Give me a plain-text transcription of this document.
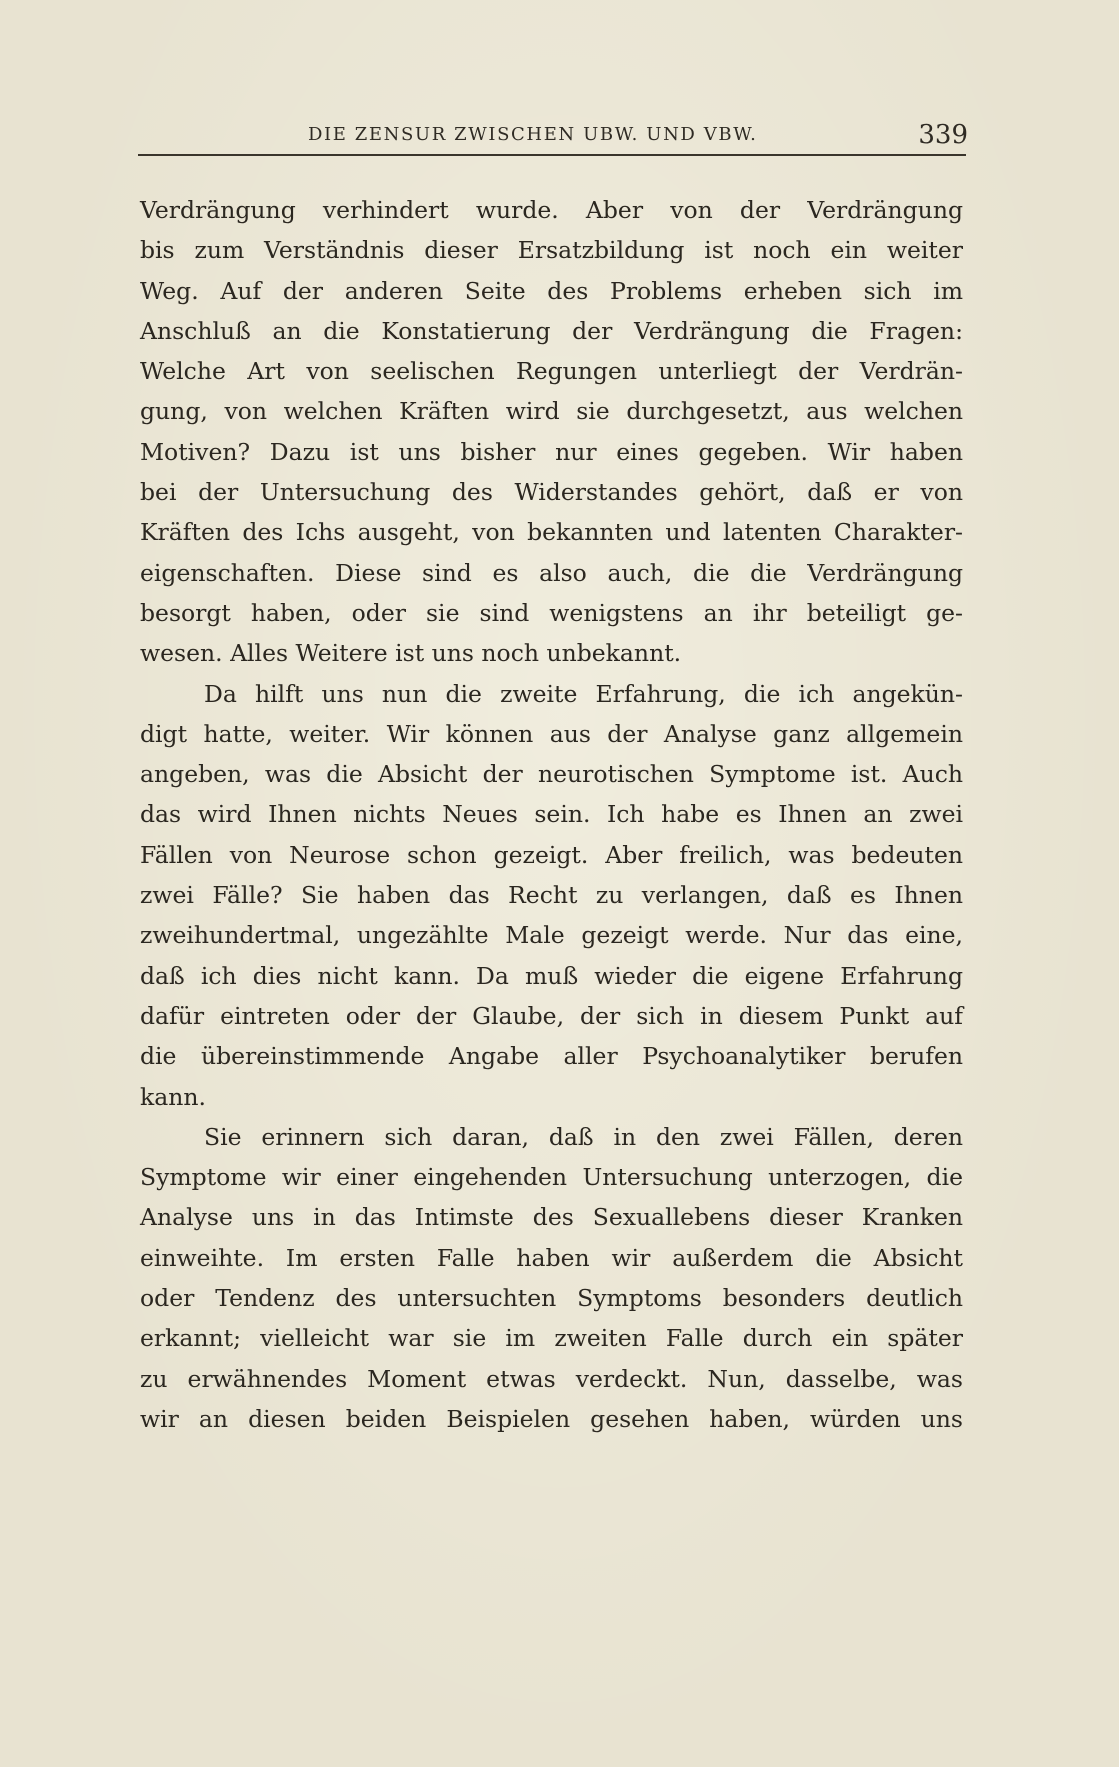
DIE ZENSUR ZWISCHEN UBW. UND VBW.	339
Verdrängung verhindert wurde. Aber von der Verdrängung
bis zum Verständnis dieser Ersatzbildung ist noch ein weiter
Weg. Auf der anderen Seite des Problems erheben sich im
Anschluß an die Konstatierung der Verdrängung die Fragen:
Welche Art von seelischen Regungen unterliegt der Verdrän-
gung, von welchen Kräften wird sie durchgesetzt, aus welchen
Motiven? Dazu ist uns bisher nur eines gegeben. Wir haben
bei der Untersuchung des Widerstandes gehört, daß er von
Kräften des Ichs ausgeht, von bekannten und latenten Charakter-
eigenschaften. Diese sind es also auch, die die Verdrängung
besorgt haben, oder sie sind wenigstens an ihr beteiligt ge-
wesen. Alles Weitere ist uns noch unbekannt.
Da hilft uns nun die zweite Erfahrung, die ich angekün-
digt hatte, weiter. Wir können aus der Analyse ganz allgemein
angeben, was die Absicht der neurotischen Symptome ist. Auch
das wird Ihnen nichts Neues sein. Ich habe es Ihnen an zwei
Fällen von Neurose schon gezeigt. Aber freilich, was bedeuten
zwei Fälle? Sie haben das Recht zu verlangen, daß es Ihnen
zweihundertmal, ungezählte Male gezeigt werde. Nur das eine,
daß ich dies nicht kann. Da muß wieder die eigene Erfahrung
dafür eintreten oder der Glaube, der sich in diesem Punkt auf
die übereinstimmende Angabe aller Psychoanalytiker berufen
kann.
Sie erinnern sich daran, daß in den zwei Fällen, deren
Symptome wir einer eingehenden Untersuchung unterzogen, die
Analyse uns in das Intimste des Sexuallebens dieser Kranken
einweihte. Im ersten Falle haben wir außerdem die Absicht
oder Tendenz des untersuchten Symptoms besonders deutlich
erkannt; vielleicht war sie im zweiten Falle durch ein später
zu erwähnendes Moment etwas verdeckt. Nun, dasselbe, was
wir an diesen beiden Beispielen gesehen haben, würden uns
